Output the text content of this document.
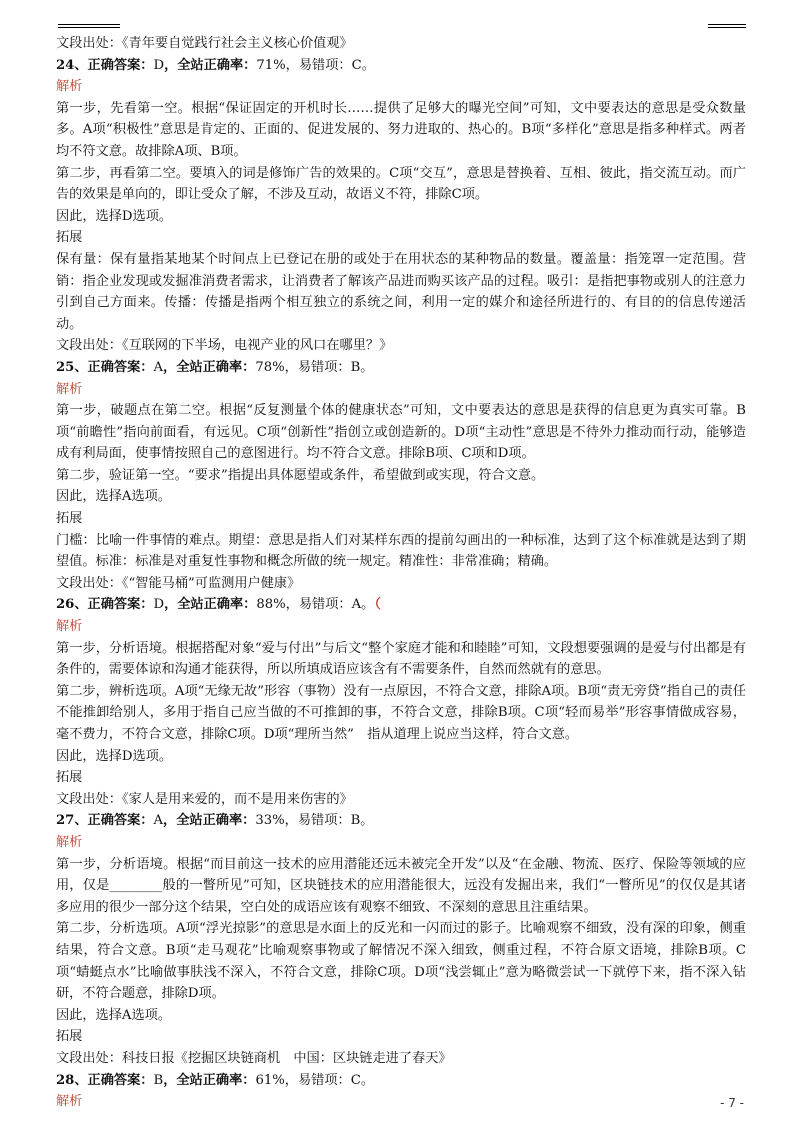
文段出处：《青年要自觉践行社会主义核心价值观》

24、正确答案：D，全站正确率：71%，易错项：C。

解析

第一步，先看第一空。根据“保证固定的开机时长……提供了足够大的曝光空间”可知，文中要表达的意思是受众数量多。A项“积极性”意思是肯定的、正面的、促进发展的、努力进取的、热心的。B项“多样化”意思是指多种样式。两者均不符文意。故排除A项、B项。

第二步，再看第二空。要填入的词是修饰广告的效果的。C项“交互”，意思是替换着、互相、彼此，指交流互动。而广告的效果是单向的，即让受众了解，不涉及互动，故语义不符，排除C项。

因此，选择D选项。

拓展

保有量：保有量指某地某个时间点上已登记在册的或处于在用状态的某种物品的数量。覆盖量：指笼罩一定范围。营销：指企业发现或发掘准消费者需求，让消费者了解该产品进而购买该产品的过程。吸引：是指把事物或别人的注意力引到自己方面来。传播：传播是指两个相互独立的系统之间，利用一定的媒介和途径所进行的、有目的的信息传递活动。

文段出处：《互联网的下半场，电视产业的风口在哪里？》

25、正确答案：A，全站正确率：78%，易错项：B。

解析

第一步，破题点在第二空。根据“反复测量个体的健康状态”可知，文中要表达的意思是获得的信息更为真实可靠。B项“前瞻性”指向前面看，有远见。C项“创新性”指创立或创造新的。D项“主动性”意思是不待外力推动而行动，能够造成有利局面，使事情按照自己的意图进行。均不符合文意。排除B项、C项和D项。

第二步，验证第一空。“要求”指提出具体愿望或条件，希望做到或实现，符合文意。

因此，选择A选项。

拓展

门槛：比喻一件事情的难点。期望：意思是指人们对某样东西的提前勾画出的一种标准，达到了这个标准就是达到了期望值。标准：标准是对重复性事物和概念所做的统一规定。精准性：非常准确；精确。

文段出处：《“智能马桶”可监测用户健康》

26、正确答案：D，全站正确率：88%，易错项：A。（

解析

第一步，分析语境。根据搭配对象“爱与付出”与后文“整个家庭才能和和睦睦”可知，文段想要强调的是爱与付出都是有条件的，需要体谅和沟通才能获得，所以所填成语应该含有不需要条件，自然而然就有的意思。

第二步，辨析选项。A项“无缘无故”形容（事物）没有一点原因，不符合文意，排除A项。B项“责无旁贷”指自己的责任不能推卸给别人，多用于指自己应当做的不可推卸的事，不符合文意，排除B项。C项“轻而易举”形容事情做成容易，毫不费力，不符合文意，排除C项。D项“理所当然”　指从道理上说应当这样，符合文意。

因此，选择D选项。

拓展

文段出处：《家人是用来爱的，而不是用来伤害的》

27、正确答案：A，全站正确率：33%，易错项：B。

解析

第一步，分析语境。根据“而目前这一技术的应用潜能还远未被完全开发”以及“在金融、物流、医疗、保险等领域的应用，仅是________般的一瞥所见”可知，区块链技术的应用潜能很大，远没有发掘出来，我们“一瞥所见”的仅仅是其诸多应用的很少一部分这个结果，空白处的成语应该有观察不细致、不深刻的意思且注重结果。

第二步，分析选项。A项“浮光掠影”的意思是水面上的反光和一闪而过的影子。比喻观察不细致，没有深的印象，侧重结果，符合文意。B项“走马观花”比喻观察事物或了解情况不深入细致，侧重过程，不符合原文语境，排除B项。C项“蜻蜓点水”比喻做事肤浅不深入，不符合文意，排除C项。D项“浅尝辄止”意为略微尝试一下就停下来，指不深入钻研，不符合题意，排除D项。

因此，选择A选项。

拓展

文段出处：科技日报《挖掘区块链商机　中国：区块链走进了春天》

28、正确答案：B，全站正确率：61%，易错项：C。

解析	- 7 -
